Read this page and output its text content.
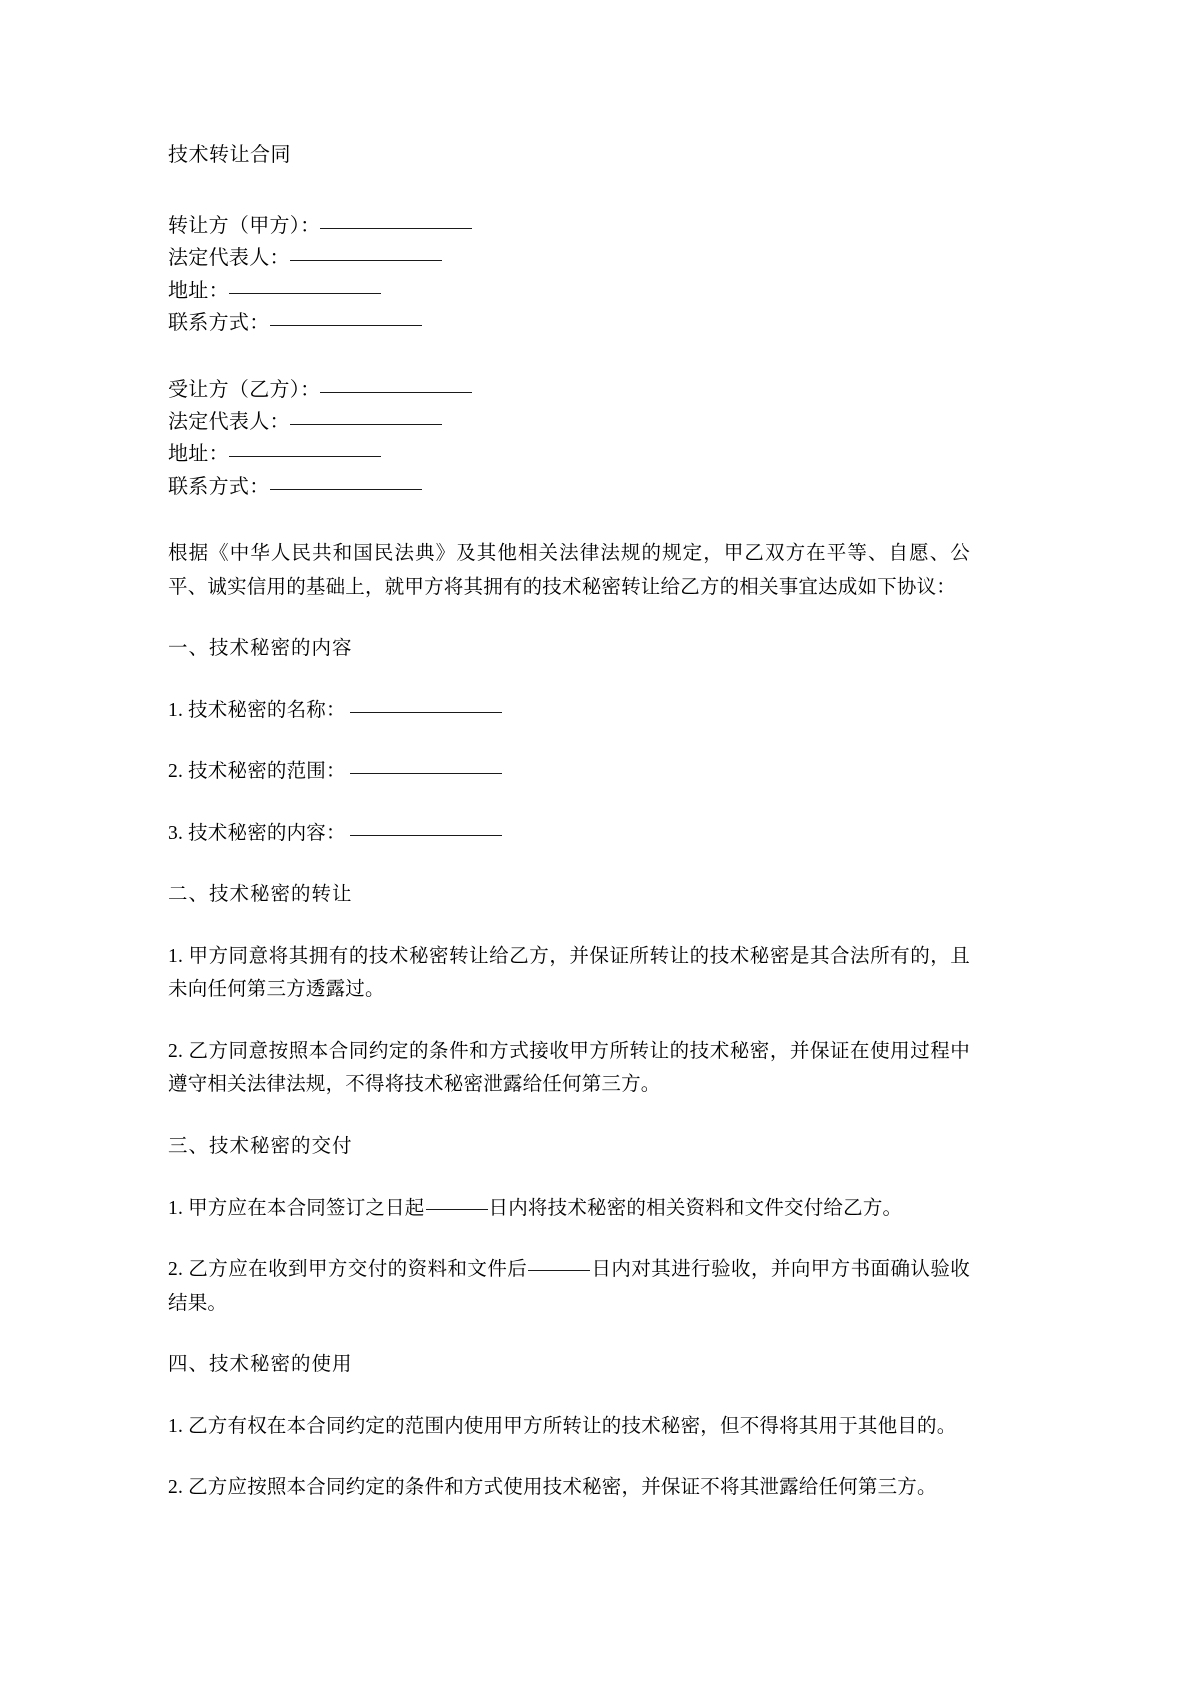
技术转让合同
转让方（甲方）：
法定代表人：
地址：
联系方式：
受让方（乙方）：
法定代表人：
地址：
联系方式：

根据《中华人民共和国民法典》及其他相关法律法规的规定，甲乙双方在平等、自愿、公平、诚实信用的基础上，就甲方将其拥有的技术秘密转让给乙方的相关事宜达成如下协议：

一、技术秘密的内容

1. 技术秘密的名称：

2. 技术秘密的范围：

3. 技术秘密的内容：

二、技术秘密的转让

1. 甲方同意将其拥有的技术秘密转让给乙方，并保证所转让的技术秘密是其合法所有的，且未向任何第三方透露过。

2. 乙方同意按照本合同约定的条件和方式接收甲方所转让的技术秘密，并保证在使用过程中遵守相关法律法规，不得将技术秘密泄露给任何第三方。

三、技术秘密的交付

1. 甲方应在本合同签订之日起	日内将技术秘密的相关资料和文件交付给乙方。

2. 乙方应在收到甲方交付的资料和文件后	日内对其进行验收，并向甲方书面确认验收结果。

四、技术秘密的使用

1. 乙方有权在本合同约定的范围内使用甲方所转让的技术秘密，但不得将其用于其他目的。

2. 乙方应按照本合同约定的条件和方式使用技术秘密，并保证不将其泄露给任何第三方。
